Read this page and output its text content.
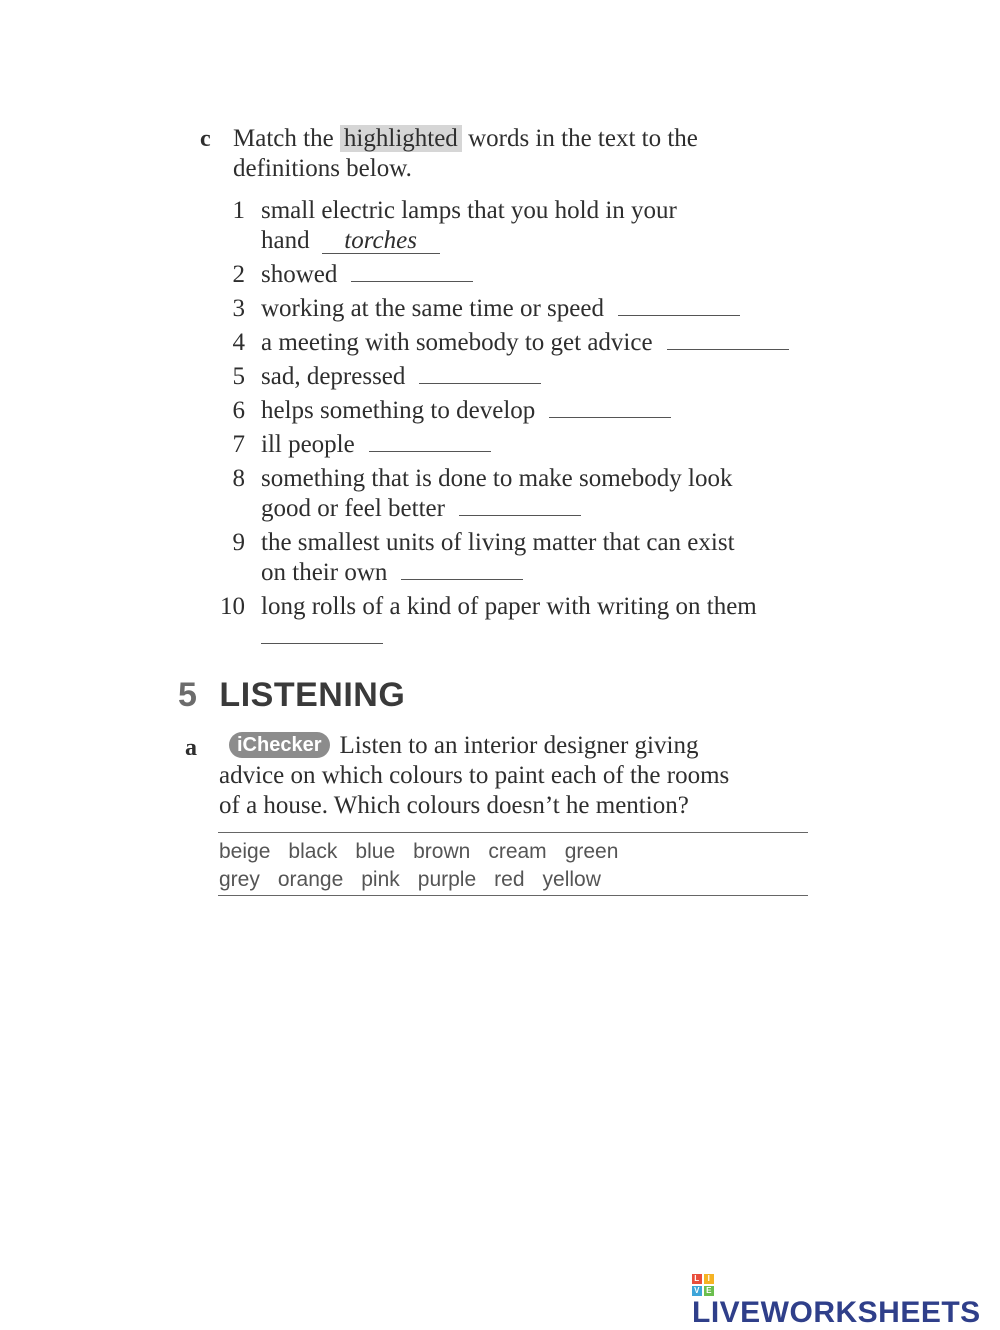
c Match the highlighted words in the text to the
definitions below.
1 small electric lamps that you hold in your
hand torches
2 showed
3 working at the same time or speed
4 a meeting with somebody to get advice
5 sad, depressed
6 helps something to develop
7 ill people
8 something that is done to make somebody look
good or feel better
9 the smallest units of living matter that can exist
on their own
10 long rolls of a kind of paper with writing on them

5 LISTENING
a	iChecker Listen to an interior designer giving
advice on which colours to paint each of the rooms
of a house. Which colours doesn’t he mention?
beige black blue brown cream green
grey orange pink purple red yellow
L I
V E
LIVEWORKSHEETS
